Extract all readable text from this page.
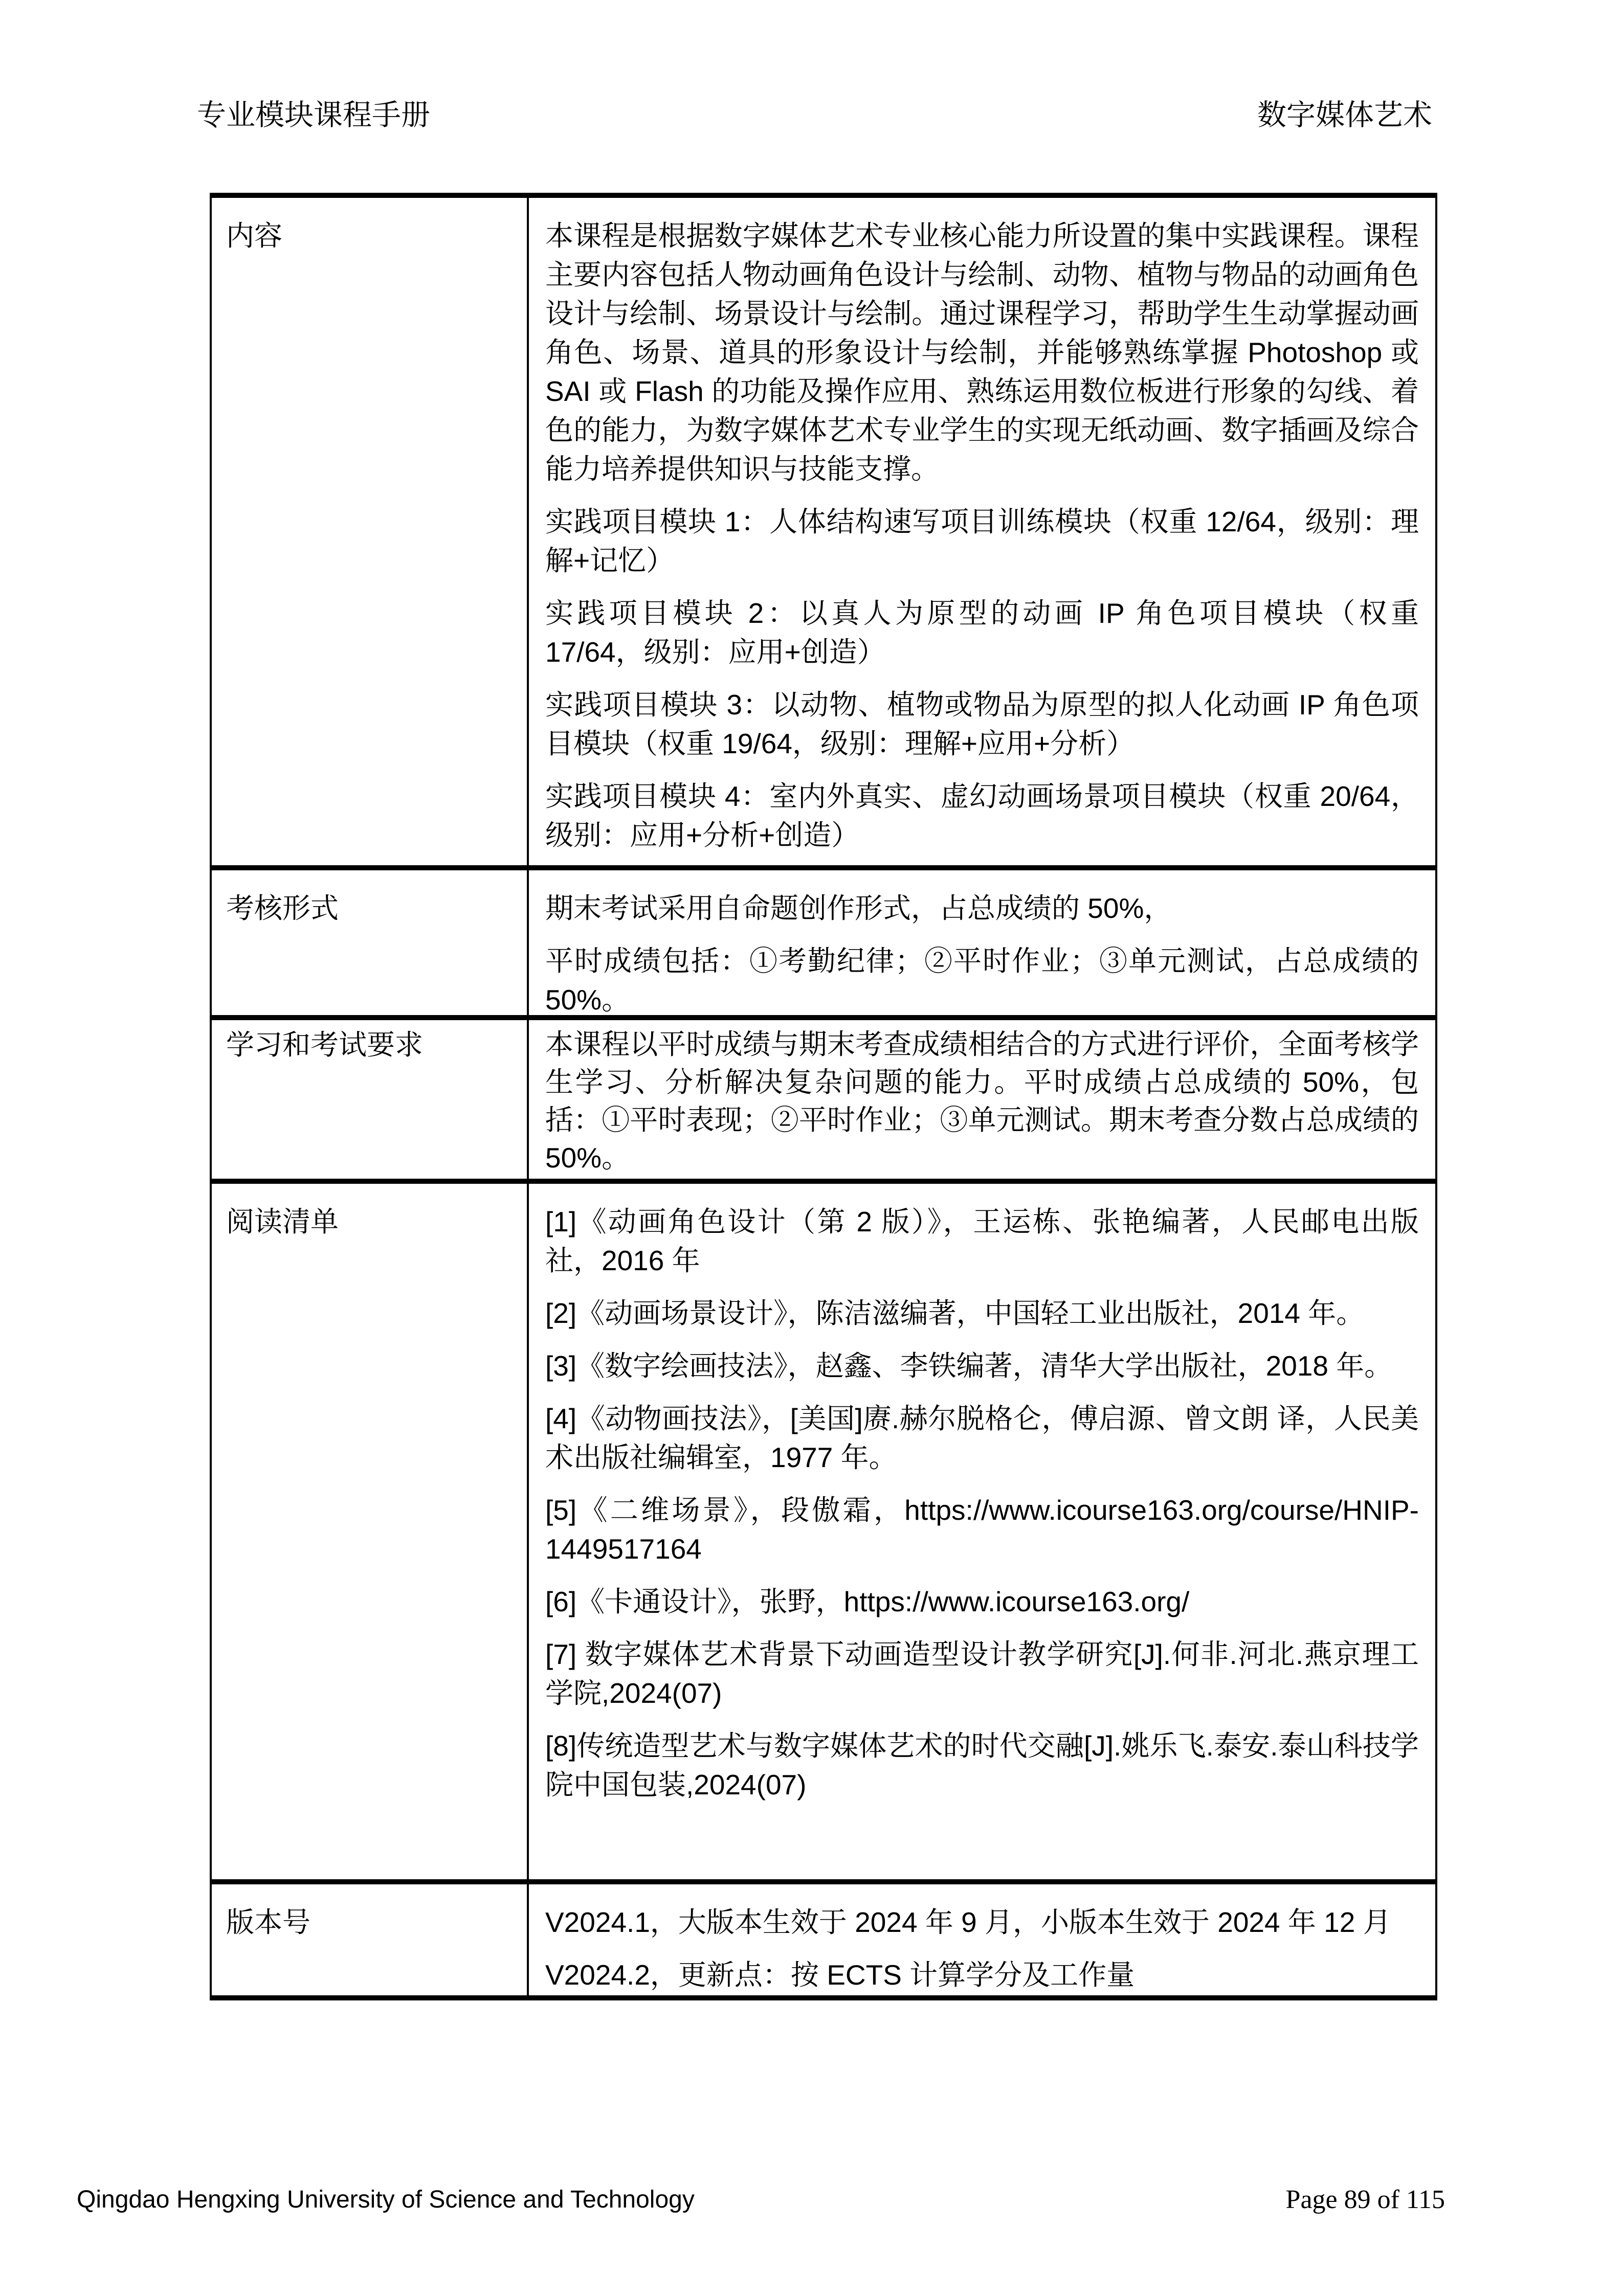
专业模块课程手册	数字媒体艺术
内容	本课程是根据数字媒体艺术专业核心能力所设置的集中实践课程。课程主要内容包括人物动画角色设计与绘制、动物、植物与物品的动画角色设计与绘制、场景设计与绘制。通过课程学习，帮助学生生动掌握动画角色、场景、道具的形象设计与绘制，并能够熟练掌握 Photoshop 或 SAI 或 Flash 的功能及操作应用、熟练运用数位板进行形象的勾线、着色的能力，为数字媒体艺术专业学生的实现无纸动画、数字插画及综合能力培养提供知识与技能支撑。

实践项目模块 1：人体结构速写项目训练模块（权重 12/64，级别：理解+记忆）

实践项目模块 2：以真人为原型的动画 IP 角色项目模块（权重 17/64，级别：应用+创造）

实践项目模块 3：以动物、植物或物品为原型的拟人化动画 IP 角色项目模块（权重 19/64，级别：理解+应用+分析）

实践项目模块 4：室内外真实、虚幻动画场景项目模块（权重 20/64，级别：应用+分析+创造）

考核形式	期末考试采用自命题创作形式，占总成绩的 50%，

平时成绩包括：①考勤纪律；②平时作业；③单元测试，占总成绩的 50%。

学习和考试要求	本课程以平时成绩与期末考查成绩相结合的方式进行评价，全面考核学生学习、分析解决复杂问题的能力。平时成绩占总成绩的 50%，包括：①平时表现；②平时作业；③单元测试。期末考查分数占总成绩的 50%。

阅读清单	[1]《动画角色设计（第 2 版）》，王运栋、张艳编著，人民邮电出版社，2016 年

[2]《动画场景设计》，陈洁滋编著，中国轻工业出版社，2014 年。

[3]《数字绘画技法》，赵鑫、李铁编著，清华大学出版社，2018 年。

[4]《动物画技法》，[美国]赓.赫尔脱格仑，傅启源、曾文朗 译，人民美术出版社编辑室，1977 年。

[5]《二维场景》，段傲霜，https://www.icourse163.org/course/HNIP-1449517164

[6]《卡通设计》，张野，https://www.icourse163.org/

[7] 数字媒体艺术背景下动画造型设计教学研究[J].何非.河北.燕京理工学院,2024(07)

[8]传统造型艺术与数字媒体艺术的时代交融[J].姚乐飞.泰安.泰山科技学院中国包装,2024(07)

版本号	V2024.1，大版本生效于 2024 年 9 月，小版本生效于 2024 年 12 月

V2024.2，更新点：按 ECTS 计算学分及工作量

Qingdao Hengxing University of Science and Technology	Page 89 of 115
